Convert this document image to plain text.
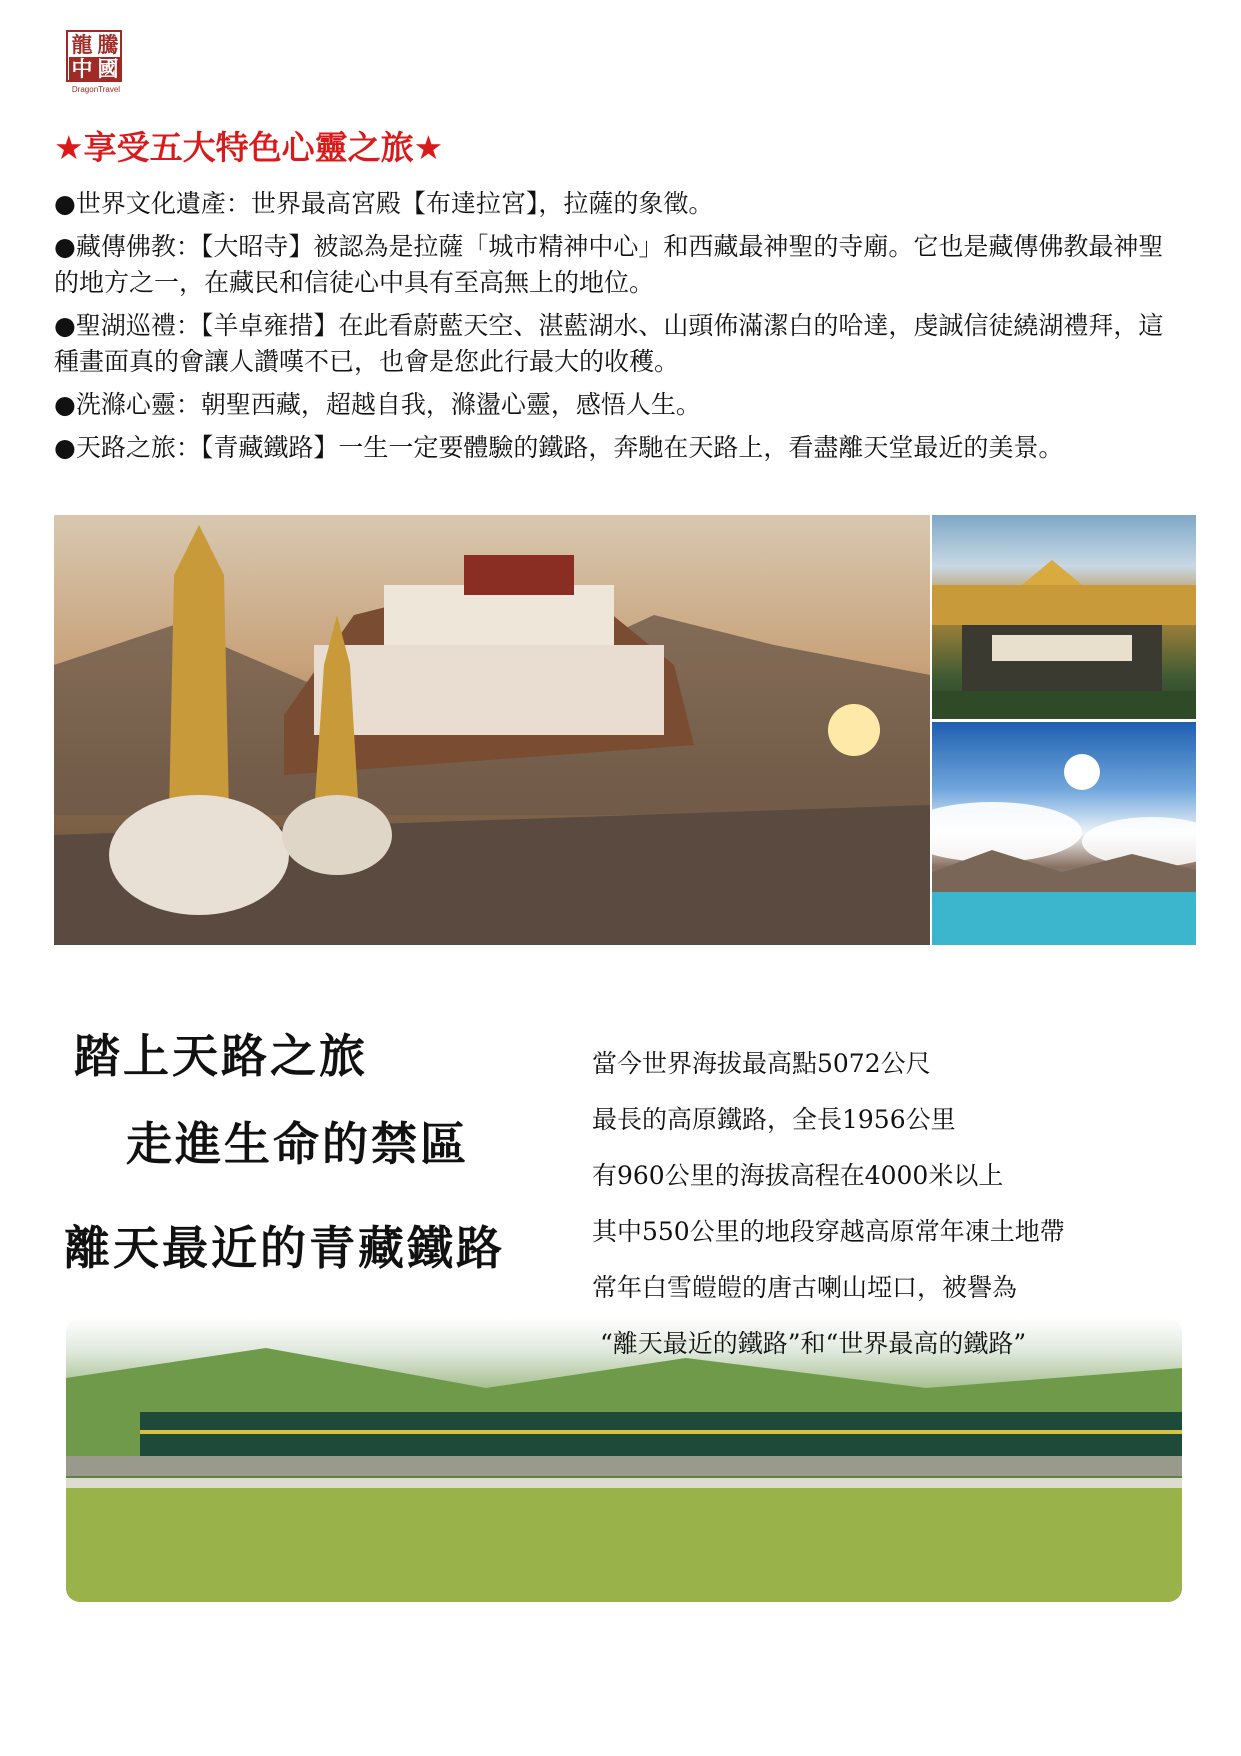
龍 騰
中 國
DragonTravel
★享受五大特色心靈之旅★
●世界文化遺產：世界最高宮殿【布達拉宮】，拉薩的象徵。
●藏傳佛教：【大昭寺】被認為是拉薩「城市精神中心」和西藏最神聖的寺廟。它也是藏傳佛教最神聖的地方之一，在藏民和信徒心中具有至高無上的地位。
●聖湖巡禮：【羊卓雍措】在此看蔚藍天空、湛藍湖水、山頭佈滿潔白的哈達，虔誠信徒繞湖禮拜，這種畫面真的會讓人讚嘆不已，也會是您此行最大的收穫。
●洗滌心靈：朝聖西藏，超越自我，滌盪心靈，感悟人生。
●天路之旅：【青藏鐵路】一生一定要體驗的鐵路，奔馳在天路上，看盡離天堂最近的美景。
踏上天路之旅
走進生命的禁區
離天最近的青藏鐵路
當今世界海拔最高點5072公尺
最長的高原鐵路，全長1956公里
有960公里的海拔高程在4000米以上
其中550公里的地段穿越高原常年凍土地帶
常年白雪皚皚的唐古喇山埡口，被譽為
“離天最近的鐵路”和“世界最高的鐵路”
